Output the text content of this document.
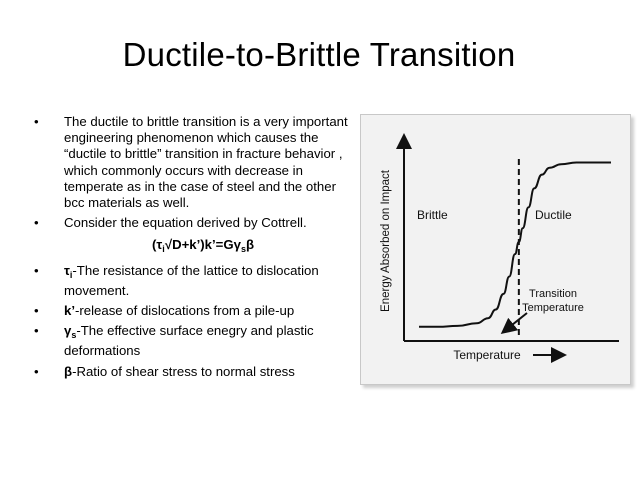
Ductile-to-Brittle Transition
• The ductile to brittle transition is a very important engineering phenomenon which causes the “ductile to brittle” transition in fracture behavior , which commonly occurs with decrease in temperate as in the case of steel and the other bcc materials as well.
• Consider the equation derived by Cottrell.
$(\tau_i√D+k’)k’=G\gamma_s\beta$
• $\tau_i$-The resistance of the lattice to dislocation movement.
• k’-release of dislocations from a pile-up
• $\gamma_s$-The effective surface enegry and plastic deformations
• β-Ratio of shear stress to normal stress
Energy Absorbed on Impact
Temperature
Brittle	Ductile
Transition
Temperature
